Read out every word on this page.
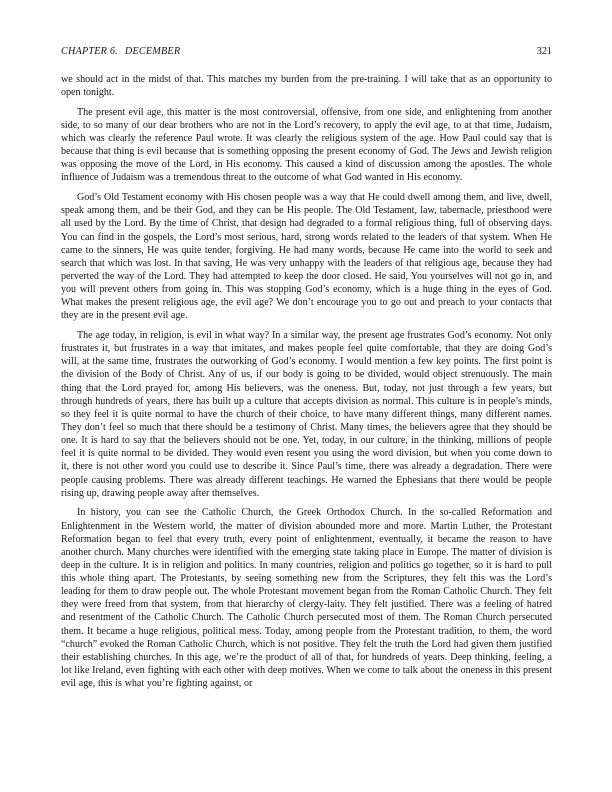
CHAPTER 6. DECEMBER	321

we should act in the midst of that. This matches my burden from the pre-training. I will take that as an opportunity to open tonight.

The present evil age, this matter is the most controversial, offensive, from one side, and enlightening from another side, to so many of our dear brothers who are not in the Lord’s recovery, to apply the evil age, to at that time, Judaism, which was clearly the reference Paul wrote. It was clearly the religious system of the age. How Paul could say that is because that thing is evil because that is something opposing the present economy of God. The Jews and Jewish religion was opposing the move of the Lord, in His economy. This caused a kind of discussion among the apostles. The whole influence of Judaism was a tremendous threat to the outcome of what God wanted in His economy.

God’s Old Testament economy with His chosen people was a way that He could dwell among them, and live, dwell, speak among them, and be their God, and they can be His people. The Old Testament, law, tabernacle, priesthood were all used by the Lord. By the time of Christ, that design had degraded to a formal religious thing, full of observing days. You can find in the gospels, the Lord’s most serious, hard, strong words related to the leaders of that system. When He came to the sinners, He was quite tender, forgiving. He had many words, because He came into the world to seek and search that which was lost. In that saving, He was very unhappy with the leaders of that religious age, because they had perverted the way of the Lord. They had attempted to keep the door closed. He said, You yourselves will not go in, and you will prevent others from going in. This was stopping God’s economy, which is a huge thing in the eyes of God. What makes the present religious age, the evil age? We don’t encourage you to go out and preach to your contacts that they are in the present evil age.

The age today, in religion, is evil in what way? In a similar way, the present age frustrates God’s economy. Not only frustrates it, but frustrates in a way that imitates, and makes people feel quite comfortable, that they are doing God’s will, at the same time, frustrates the outworking of God’s economy. I would mention a few key points. The first point is the division of the Body of Christ. Any of us, if our body is going to be divided, would object strenuously. The main thing that the Lord prayed for, among His believers, was the oneness. But, today, not just through a few years, but through hundreds of years, there has built up a culture that accepts division as normal. This culture is in people’s minds, so they feel it is quite normal to have the church of their choice, to have many different things, many different names. They don’t feel so much that there should be a testimony of Christ. Many times, the believers agree that they should be one. It is hard to say that the believers should not be one. Yet, today, in our culture, in the thinking, millions of people feel it is quite normal to be divided. They would even resent you using the word division, but when you come down to it, there is not other word you could use to describe it. Since Paul’s time, there was already a degradation. There were people causing problems. There was already different teachings. He warned the Ephesians that there would be people rising up, drawing people away after themselves.

In history, you can see the Catholic Church, the Greek Orthodox Church. In the so-called Reformation and Enlightenment in the Western world, the matter of division abounded more and more. Martin Luther, the Protestant Reformation began to feel that every truth, every point of enlightenment, eventually, it became the reason to have another church. Many churches were identified with the emerging state taking place in Europe. The matter of division is deep in the culture. It is in religion and politics. In many countries, religion and politics go together, so it is hard to pull this whole thing apart. The Protestants, by seeing something new from the Scriptures, they felt this was the Lord’s leading for them to draw people out. The whole Protestant movement began from the Roman Catholic Church. They felt they were freed from that system, from that hierarchy of clergy-laity. They felt justified. There was a feeling of hatred and resentment of the Catholic Church. The Catholic Church persecuted most of them. The Roman Church persecuted them. It became a huge religious, political mess. Today, among people from the Protestant tradition, to them, the word “church” evoked the Roman Catholic Church, which is not positive. They felt the truth the Lord had given them justified their establishing churches. In this age, we’re the product of all of that, for hundreds of years. Deep thinking, feeling, a lot like Ireland, even fighting with each other with deep motives. When we come to talk about the oneness in this present evil age, this is what you’re fighting against, or
